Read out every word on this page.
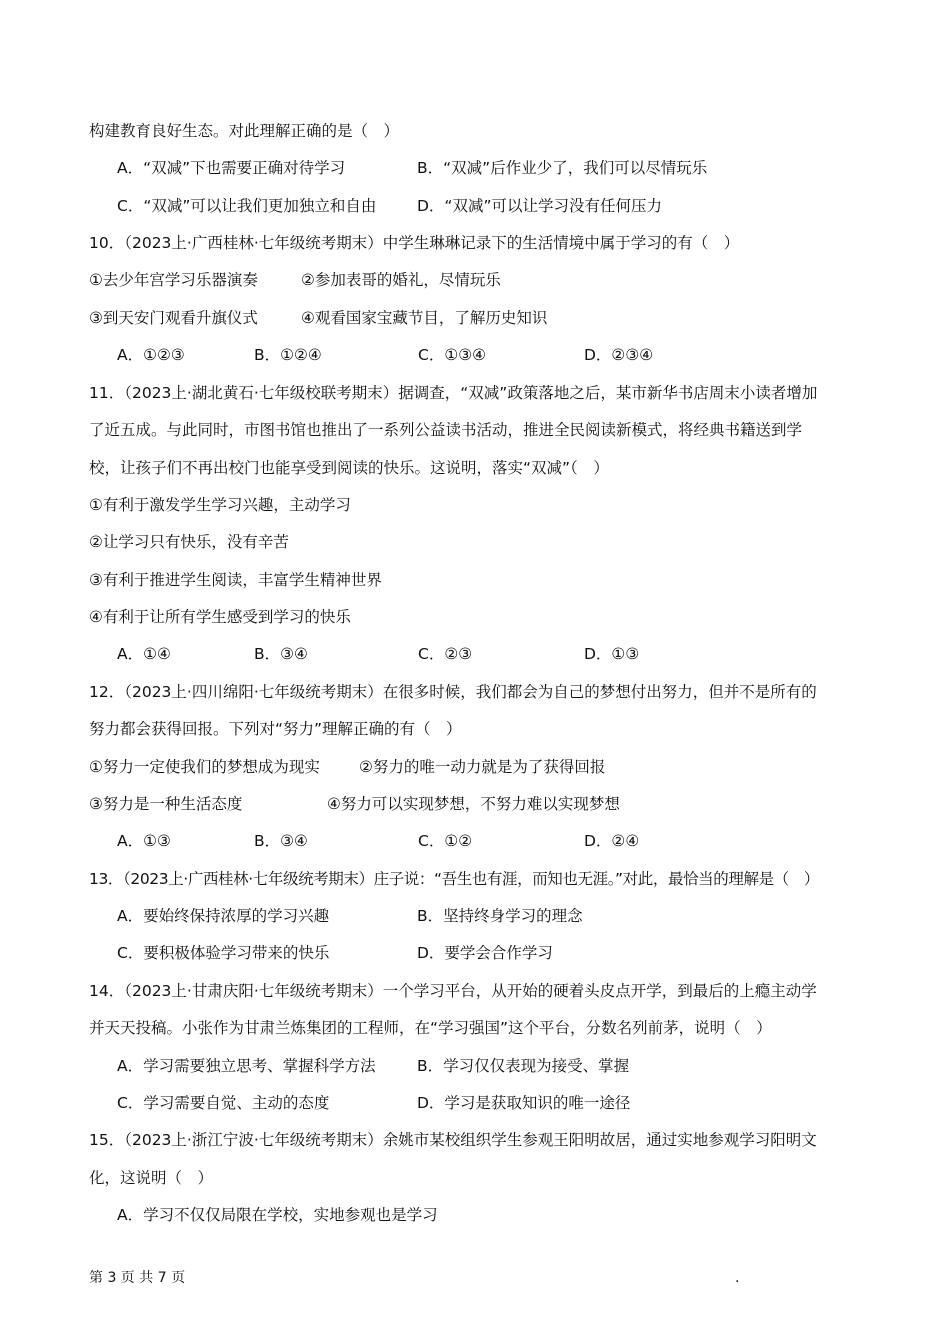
构建教育良好生态。对此理解正确的是（　）
A．“双减”下也需要正确对待学习	B．“双减”后作业少了，我们可以尽情玩乐
C．“双减”可以让我们更加独立和自由	D．“双减”可以让学习没有任何压力
10．（2023上·广西桂林·七年级统考期末）中学生琳琳记录下的生活情境中属于学习的有（　）
①去少年宫学习乐器演奏	②参加表哥的婚礼，尽情玩乐
③到天安门观看升旗仪式	④观看国家宝藏节目，了解历史知识
A．①②③	B．①②④	C．①③④	D．②③④
11．（2023上·湖北黄石·七年级校联考期末）据调查，“双减”政策落地之后，某市新华书店周末小读者增加
了近五成。与此同时，市图书馆也推出了一系列公益读书活动，推进全民阅读新模式，将经典书籍送到学
校，让孩子们不再出校门也能享受到阅读的快乐。这说明，落实“双减”（　）
①有利于激发学生学习兴趣，主动学习
②让学习只有快乐，没有辛苦
③有利于推进学生阅读，丰富学生精神世界
④有利于让所有学生感受到学习的快乐
A．①④	B．③④	C．②③	D．①③
12．（2023上·四川绵阳·七年级统考期末）在很多时候，我们都会为自己的梦想付出努力，但并不是所有的
努力都会获得回报。下列对“努力”理解正确的有（　）
①努力一定使我们的梦想成为现实	②努力的唯一动力就是为了获得回报
③努力是一种生活态度	④努力可以实现梦想，不努力难以实现梦想
A．①③	B．③④	C．①②	D．②④
13．（2023上·广西桂林·七年级统考期末）庄子说：“吾生也有涯，而知也无涯。”对此，最恰当的理解是（　）
A．要始终保持浓厚的学习兴趣	B．坚持终身学习的理念
C．要积极体验学习带来的快乐	D．要学会合作学习
14．（2023上·甘肃庆阳·七年级统考期末）一个学习平台，从开始的硬着头皮点开学，到最后的上瘾主动学
并天天投稿。小张作为甘肃兰炼集团的工程师，在“学习强国”这个平台，分数名列前茅，说明（　）
A．学习需要独立思考、掌握科学方法	B．学习仅仅表现为接受、掌握
C．学习需要自觉、主动的态度	D．学习是获取知识的唯一途径
15．（2023上·浙江宁波·七年级统考期末）余姚市某校组织学生参观王阳明故居，通过实地参观学习阳明文
化，这说明（　）
A．学习不仅仅局限在学校，实地参观也是学习
第 3 页 共 7 页	.
